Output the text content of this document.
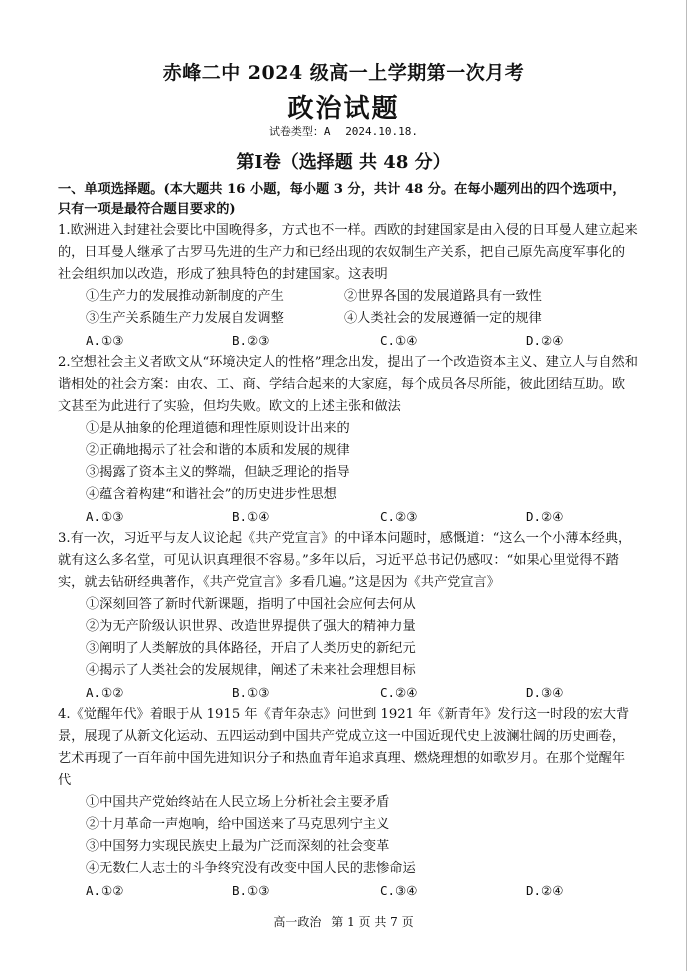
赤峰二中 2024 级高一上学期第一次月考
政治试题
试卷类型：A 2024.10.18.
第Ⅰ卷（选择题 共 48 分）

一、单项选择题。(本大题共 16 小题，每小题 3 分，共计 48 分。在每小题列出的四个选项中，只有一项是最符合题目要求的)

1.欧洲进入封建社会要比中国晚得多，方式也不一样。西欧的封建国家是由入侵的日耳曼人建立起来的，日耳曼人继承了古罗马先进的生产力和已经出现的农奴制生产关系，把自己原先高度军事化的社会组织加以改造，形成了独具特色的封建国家。这表明

①生产力的发展推动新制度的产生	②世界各国的发展道路具有一致性
③生产关系随生产力发展自发调整	④人类社会的发展遵循一定的规律
A.①③	B.②③	C.①④	D.②④

2.空想社会主义者欧文从“环境决定人的性格”理念出发，提出了一个改造资本主义、建立人与自然和谐相处的社会方案：由农、工、商、学结合起来的大家庭，每个成员各尽所能，彼此团结互助。欧文甚至为此进行了实验，但均失败。欧文的上述主张和做法

①是从抽象的伦理道德和理性原则设计出来的

②正确地揭示了社会和谐的本质和发展的规律

③揭露了资本主义的弊端，但缺乏理论的指导

④蕴含着构建“和谐社会”的历史进步性思想

A.①③	B.①④	C.②③	D.②④

3.有一次，习近平与友人议论起《共产党宣言》的中译本问题时，感慨道：“这么一个小薄本经典，就有这么多名堂，可见认识真理很不容易。”多年以后，习近平总书记仍感叹：“如果心里觉得不踏实，就去钻研经典著作，《共产党宣言》多看几遍。”这是因为《共产党宣言》

①深刻回答了新时代新课题，指明了中国社会应何去何从

②为无产阶级认识世界、改造世界提供了强大的精神力量

③阐明了人类解放的具体路径，开启了人类历史的新纪元

④揭示了人类社会的发展规律，阐述了未来社会理想目标

A.①②	B.①③	C.②④	D.③④

4.《觉醒年代》着眼于从 1915 年《青年杂志》问世到 1921 年《新青年》发行这一时段的宏大背景，展现了从新文化运动、五四运动到中国共产党成立这一中国近现代史上波澜壮阔的历史画卷，艺术再现了一百年前中国先进知识分子和热血青年追求真理、燃烧理想的如歌岁月。在那个觉醒年代

①中国共产党始终站在人民立场上分析社会主要矛盾

②十月革命一声炮响，给中国送来了马克思列宁主义

③中国努力实现民族史上最为广泛而深刻的社会变革

④无数仁人志士的斗争终究没有改变中国人民的悲惨命运

A.①②	B.①③	C.③④	D.②④
高一政治 第 1 页 共 7 页
